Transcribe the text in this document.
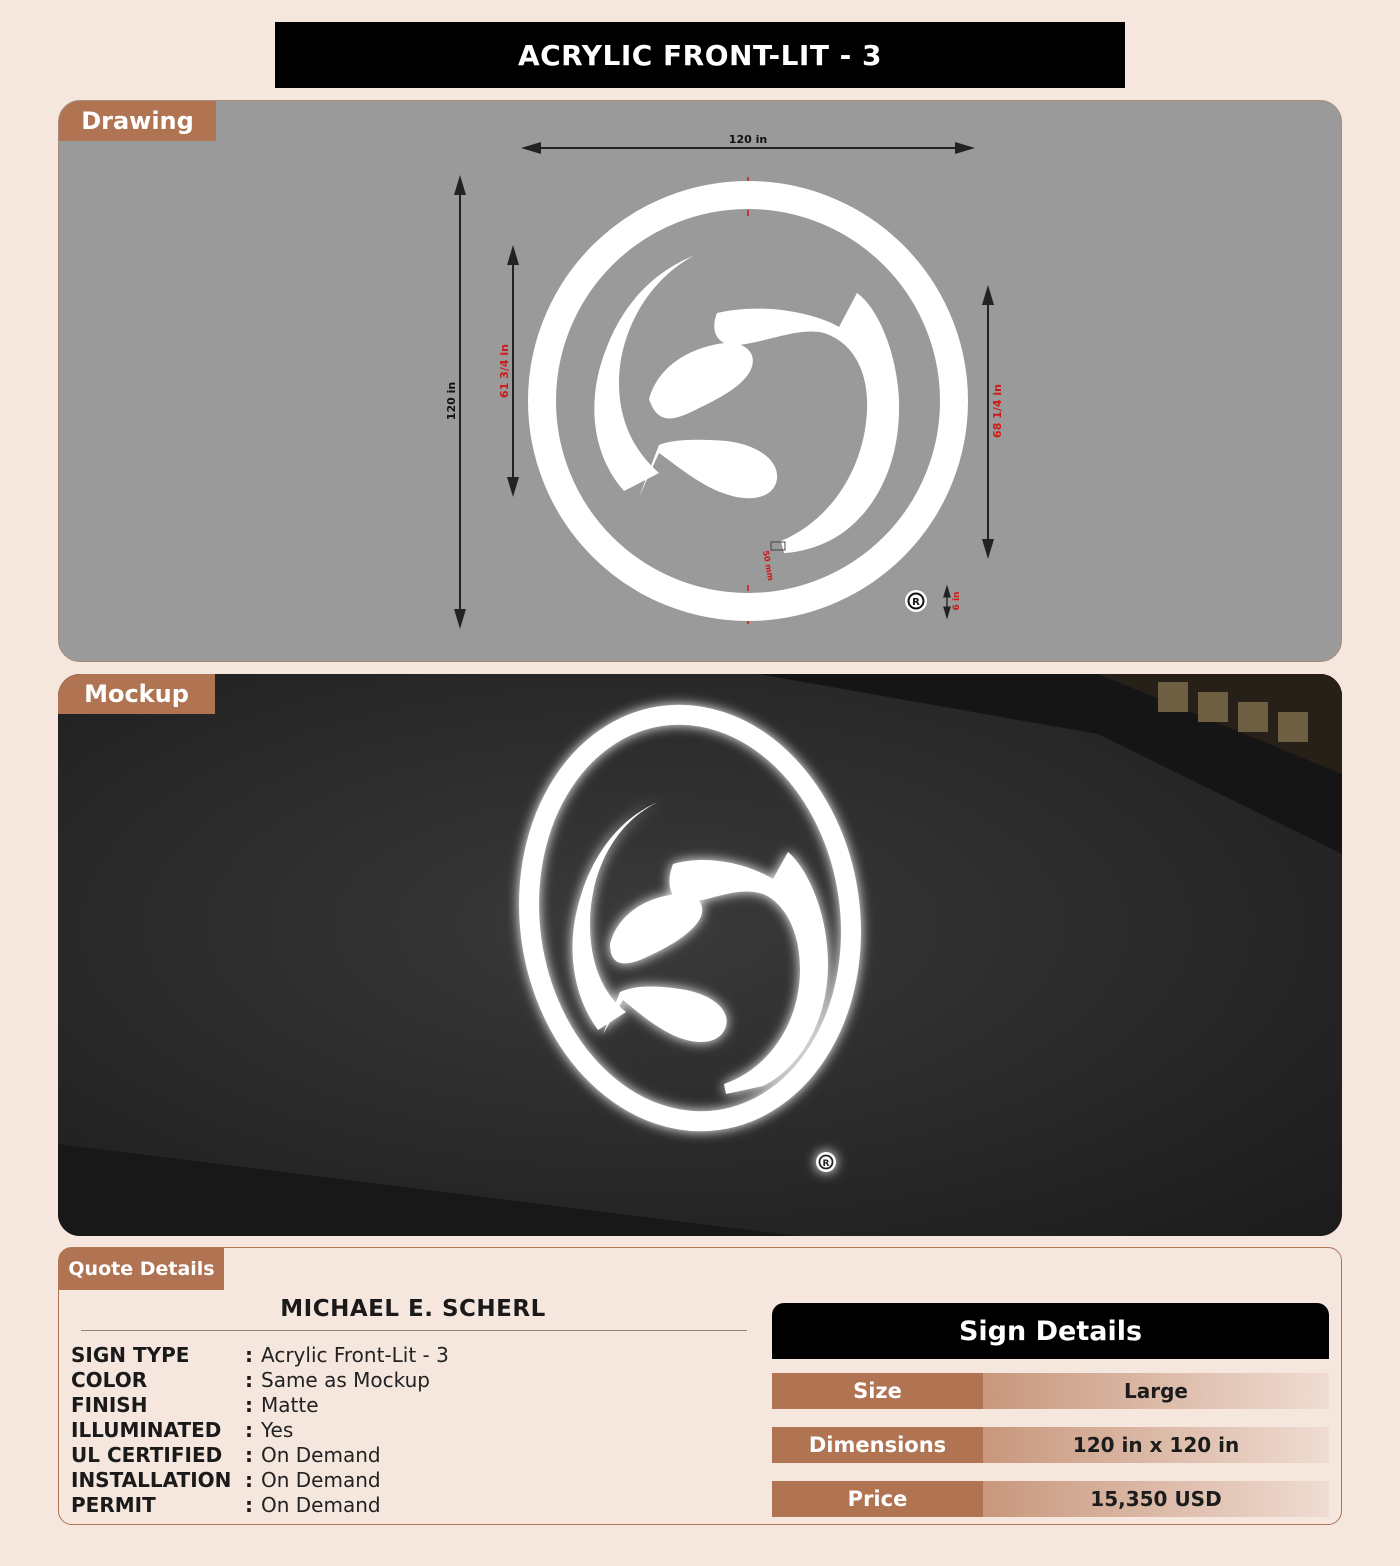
ACRYLIC FRONT-LIT - 3
Drawing
120 in
120 in
61 3/4 in
68 1/4 in
50 mm
R	6 in
Mockup
R
Quote Details
MICHAEL E. SCHERL
SIGN TYPE	: Acrylic Front-Lit - 3
COLOR	: Same as Mockup
FINISH	: Matte
ILLUMINATED	: Yes
UL CERTIFIED	: On Demand
INSTALLATION : On Demand
PERMIT	: On Demand
Sign Details
Size	Large
Dimensions	120 in x 120 in
Price	15,350 USD
